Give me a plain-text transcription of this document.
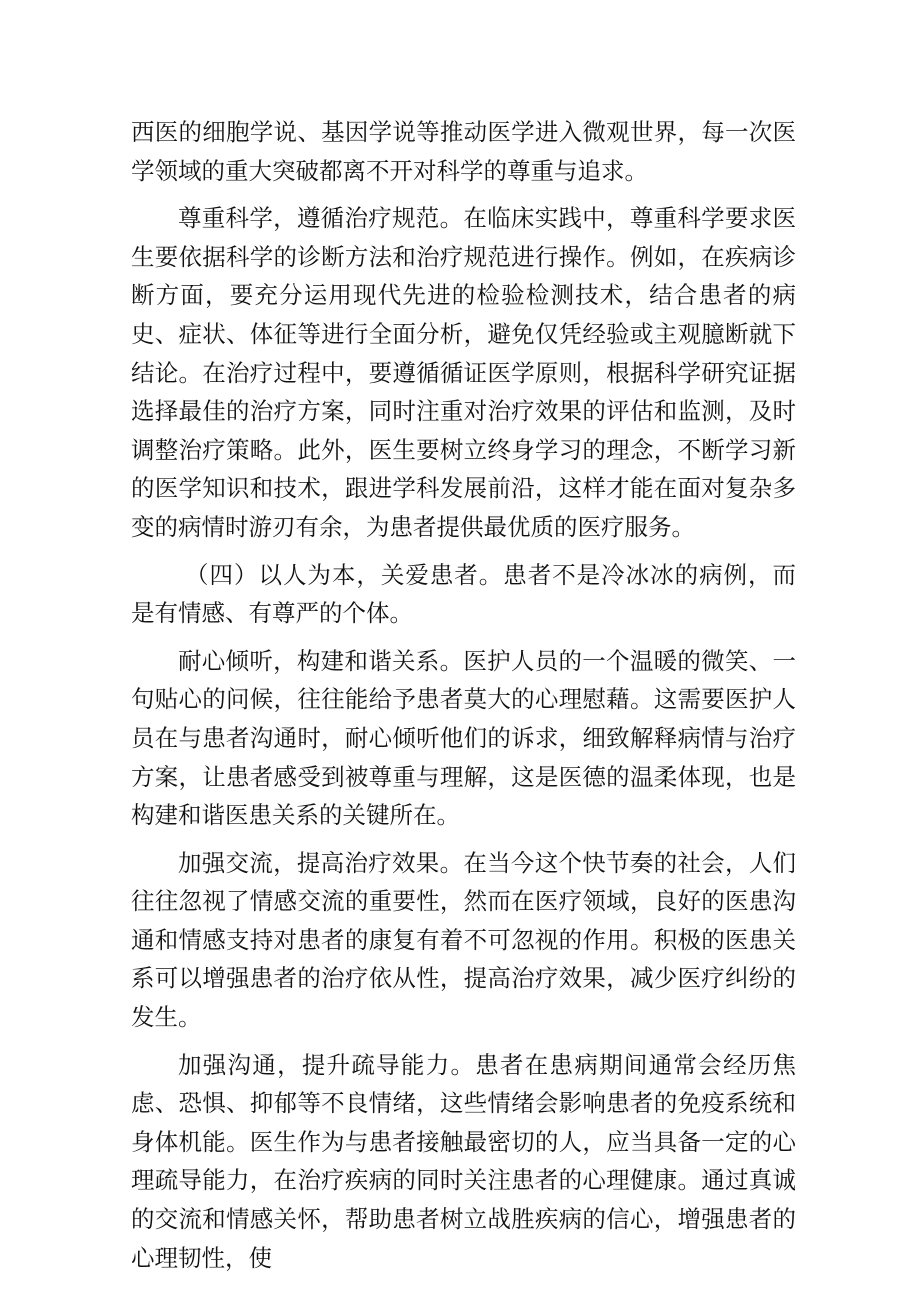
西医的细胞学说、基因学说等推动医学进入微观世界，每一次医学领域的重大突破都离不开对科学的尊重与追求。

尊重科学，遵循治疗规范。在临床实践中，尊重科学要求医生要依据科学的诊断方法和治疗规范进行操作。例如，在疾病诊断方面，要充分运用现代先进的检验检测技术，结合患者的病史、症状、体征等进行全面分析，避免仅凭经验或主观臆断就下结论。在治疗过程中，要遵循循证医学原则，根据科学研究证据选择最佳的治疗方案，同时注重对治疗效果的评估和监测，及时调整治疗策略。此外，医生要树立终身学习的理念，不断学习新的医学知识和技术，跟进学科发展前沿，这样才能在面对复杂多变的病情时游刃有余，为患者提供最优质的医疗服务。

（四）以人为本，关爱患者。患者不是冷冰冰的病例，而是有情感、有尊严的个体。

耐心倾听，构建和谐关系。医护人员的一个温暖的微笑、一句贴心的问候，往往能给予患者莫大的心理慰藉。这需要医护人员在与患者沟通时，耐心倾听他们的诉求，细致解释病情与治疗方案，让患者感受到被尊重与理解，这是医德的温柔体现，也是构建和谐医患关系的关键所在。

加强交流，提高治疗效果。在当今这个快节奏的社会，人们往往忽视了情感交流的重要性，然而在医疗领域，良好的医患沟通和情感支持对患者的康复有着不可忽视的作用。积极的医患关系可以增强患者的治疗依从性，提高治疗效果，减少医疗纠纷的发生。

加强沟通，提升疏导能力。患者在患病期间通常会经历焦虑、恐惧、抑郁等不良情绪，这些情绪会影响患者的免疫系统和身体机能。医生作为与患者接触最密切的人，应当具备一定的心理疏导能力，在治疗疾病的同时关注患者的心理健康。通过真诚的交流和情感关怀，帮助患者树立战胜疾病的信心，增强患者的心理韧性，使
